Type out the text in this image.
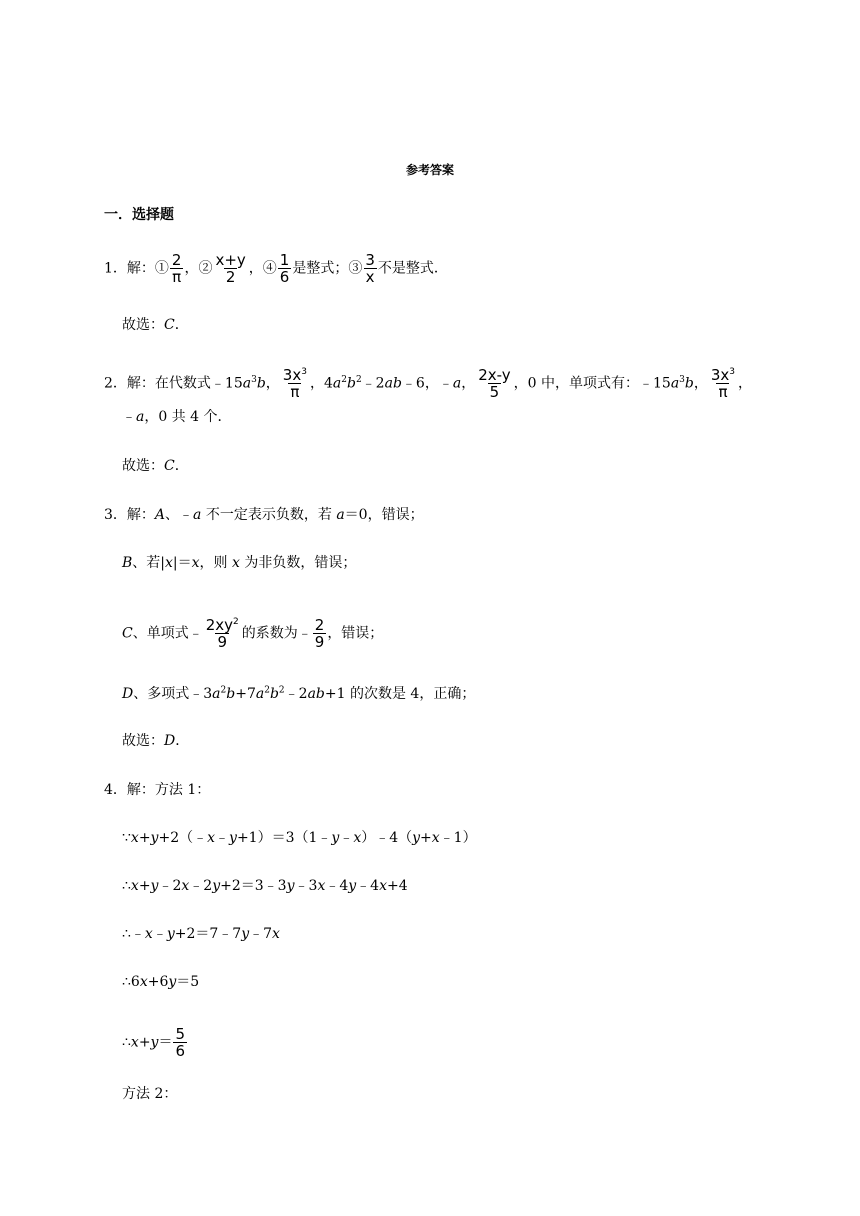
参考答案
一．选择题
1．解：① $\frac{2}{\pi}$ ，② $\frac{x+y}{2}$ ，④ $\frac{1}{6}$ 是整式；③ $\frac{3}{x}$ 不是整式．
故选：C．
2．解：在代数式$﹣15a^3b$， $\frac{3x^3}{\pi}$ ，$4a^2b^2﹣2ab﹣6$，﹣a， $\frac{2x-y}{5}$ ，0 中，单项式有：$﹣15a^3b$， $\frac{3x^3}{\pi}$ ，
﹣a，0 共 4 个．
故选：C．
3．解：A、﹣a 不一定表示负数，若 a＝0，错误；
B、若|x|＝x，则 x 为非负数，错误；
C、单项式﹣ $\frac{2xy^2}{9}$ 的系数为﹣ $\frac{2}{9}$ ，错误；
D、多项式$﹣3a^2b+7a^2b^2﹣2ab+1$ 的次数是 4，正确；
故选：D．
4．解：方法 1：
∵x+y+2（﹣x﹣y+1）＝3（1﹣y﹣x）﹣4（y+x﹣1）
∴x+y﹣2x﹣2y+2＝3﹣3y﹣3x﹣4y﹣4x+4
∴﹣x﹣y+2＝7﹣7y﹣7x
∴6x+6y＝5
∴x+y＝ $\frac{5}{6}$
方法 2：
